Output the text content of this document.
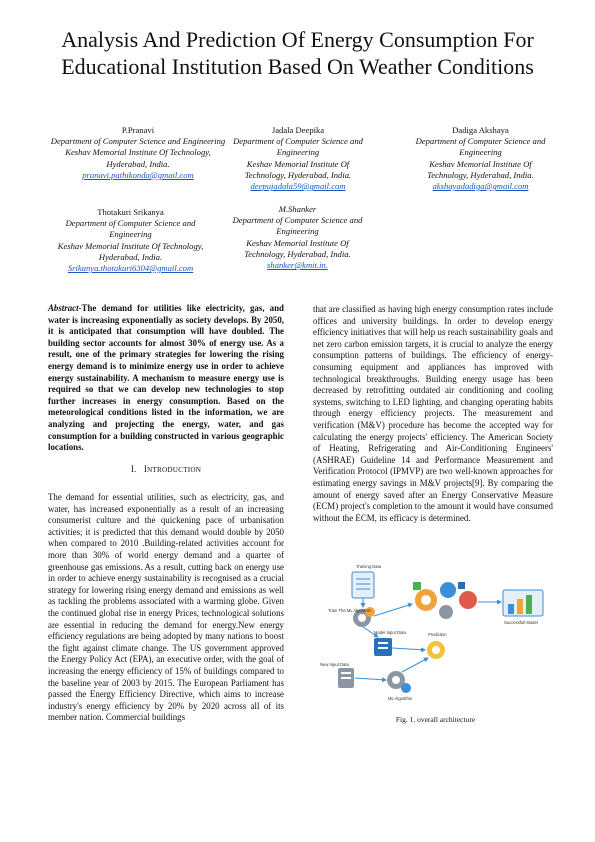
Analysis And Prediction Of Energy Consumption For Educational Institution Based On Weather Conditions
P.Pranavi
Department of Computer Science and Engineering
Keshav Memorial Institute Of Technology, Hyderabad, India.
pranavi.pathikonda@gmail.com
Jadala Deepika
Department of Computer Science and Engineering
Keshav Memorial Institute Of Technology, Hyderabad, India.
deepujadala59@gmail.com
Dadiga Akshaya
Department of Computer Science and Engineering
Keshav Memorial Institute Of Technology, Hyderabad, India.
akshayadadiga@gmail.com
Thotakuri Srikanya
Department of Computer Science and Engineering
Keshav Memorial Institute Of Technology, Hyderabad, India.
Srikanya.thotakuri6304@gmail.com
M.Shanker
Department of Computer Science and Engineering
Keshav Memorial Institute Of Technology, Hyderabad, India.
shanker@kmit.in.
Abstract-The demand for utilities like electricity, gas, and water is increasing exponentially as society develops. By 2050, it is anticipated that consumption will have doubled. The building sector accounts for almost 30% of energy use. As a result, one of the primary strategies for lowering the rising energy demand is to minimize energy use in order to achieve energy sustainability. A mechanism to measure energy use is required so that we can develop new technologies to stop further increases in energy consumption. Based on the meteorological conditions listed in the information, we are analyzing and projecting the energy, water, and gas consumption for a building constructed in various geographic locations.
I. INTRODUCTION
The demand for essential utilities, such as electricity, gas, and water, has increased exponentially as a result of an increasing consumerist culture and the quickening pace of urbanisation activities; it is predicted that this demand would double by 2050 when compared to 2010 .Building-related activities account for more than 30% of world energy demand and a quarter of greenhouse gas emissions. As a result, cutting back on energy use in order to achieve energy sustainability is recognised as a crucial strategy for lowering rising energy demand and emissions as well as tackling the problems associated with a warming globe. Given the continued global rise in energy Prices, technological solutions are essential in reducing the demand for energy.New energy efficiency regulations are being adopted by many nations to boost the fight against climate change. The US government approved the Energy Policy Act (EPA), an executive order, with the goal of increasing the energy efficiency of 15% of buildings compared to the baseline year of 2003 by 2015. The European Parliament has passed the Energy Efficiency Directive, which aims to increase industry's energy efficiency by 20% by 2020 across all of its member nation. Commercial buildings
that are classified as having high energy consumption rates include offices and university buildings. In order to develop energy efficiency initiatives that will help us reach sustainability goals and net zero carbon emission targets, it is crucial to analyze the energy consumption patterns of buildings. The efficiency of energy-consuming equipment and appliances has improved with technological breakthroughs. Building energy usage has been decreased by retrofitting outdated air conditioning and cooling systems, switching to LED lighting, and changing operating habits through energy efficiency projects. The measurement and verification (M&V) procedure has become the accepted way for calculating the energy projects' efficiency. The American Society of Heating, Refrigerating and Air-Conditioning Engineers' (ASHRAE) Guideline 14 and Performance Measurement and Verification Protocol (IPMVP) are two well-known approaches for estimating energy savings in M&V projects[9]. By comparing the amount of energy saved after an Energy Conservative Measure (ECM) project's completion to the amount it would have consumed without the ECM, its efficacy is determined.
Training Data
Train The ML Algorithm
Successfull Model
Model Input Data	Prediction
New Input Data
ML Algorithm
Fig. 1. overall architecture
